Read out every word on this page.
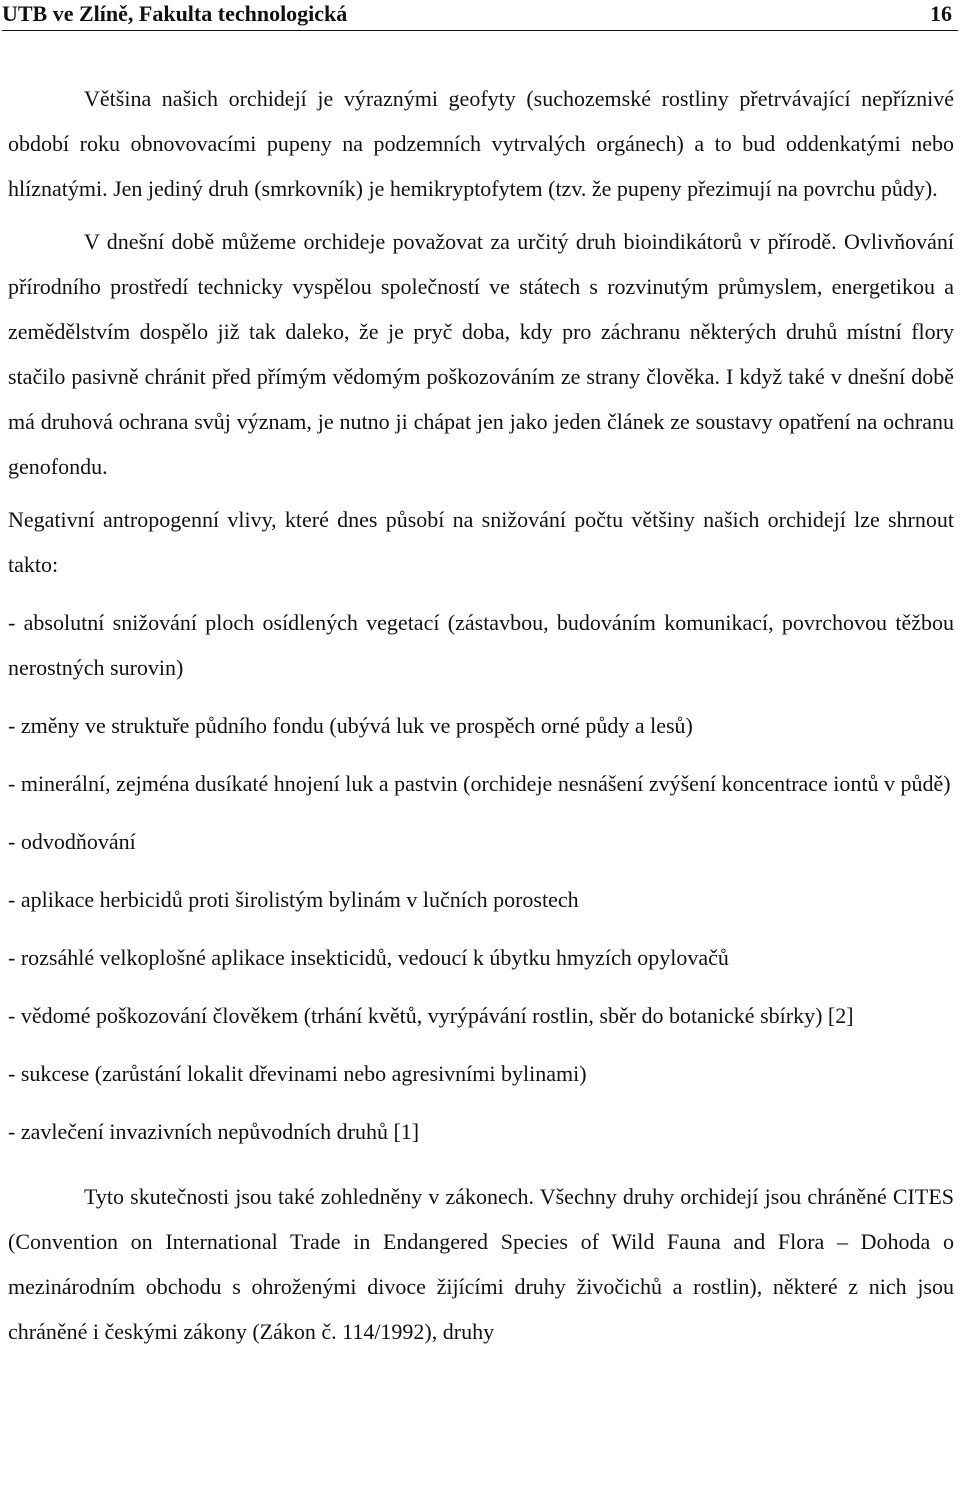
UTB ve Zlíně, Fakulta technologická	16

Většina našich orchidejí je výraznými geofyty (suchozemské rostliny přetrvávající nepříznivé období roku obnovovacími pupeny na podzemních vytrvalých orgánech) a to bud oddenkatými nebo hlíznatými. Jen jediný druh (smrkovník) je hemikryptofytem (tzv. že pupeny přezimují na povrchu půdy).

V dnešní době můžeme orchideje považovat za určitý druh bioindikátorů v přírodě. Ovlivňování přírodního prostředí technicky vyspělou společností ve státech s rozvinutým průmyslem, energetikou a zemědělstvím dospělo již tak daleko, že je pryč doba, kdy pro záchranu některých druhů místní flory stačilo pasivně chránit před přímým vědomým poškozováním ze strany člověka. I když také v dnešní době má druhová ochrana svůj význam, je nutno ji chápat jen jako jeden článek ze soustavy opatření na ochranu genofondu.

Negativní antropogenní vlivy, které dnes působí na snižování počtu většiny našich orchidejí lze shrnout takto:

- absolutní snižování ploch osídlených vegetací (zástavbou, budováním komunikací, povrchovou těžbou nerostných surovin)

- změny ve struktuře půdního fondu (ubývá luk ve prospěch orné půdy a lesů)

- minerální, zejména dusíkaté hnojení luk a pastvin (orchideje nesnášení zvýšení koncentrace iontů v půdě)

- odvodňování

- aplikace herbicidů proti širolistým bylinám v lučních porostech

- rozsáhlé velkoplošné aplikace insekticidů, vedoucí k úbytku hmyzích opylovačů

- vědomé poškozování člověkem (trhání květů, vyrýpávání rostlin, sběr do botanické sbírky) [2]

- sukcese (zarůstání lokalit dřevinami nebo agresivními bylinami)

- zavlečení invazivních nepůvodních druhů [1]

Tyto skutečnosti jsou také zohledněny v zákonech. Všechny druhy orchidejí jsou chráněné CITES (Convention on International Trade in Endangered Species of Wild Fauna and Flora – Dohoda o mezinárodním obchodu s ohroženými divoce žijícími druhy živočichů a rostlin), některé z nich jsou chráněné i českými zákony (Zákon č. 114/1992), druhy
